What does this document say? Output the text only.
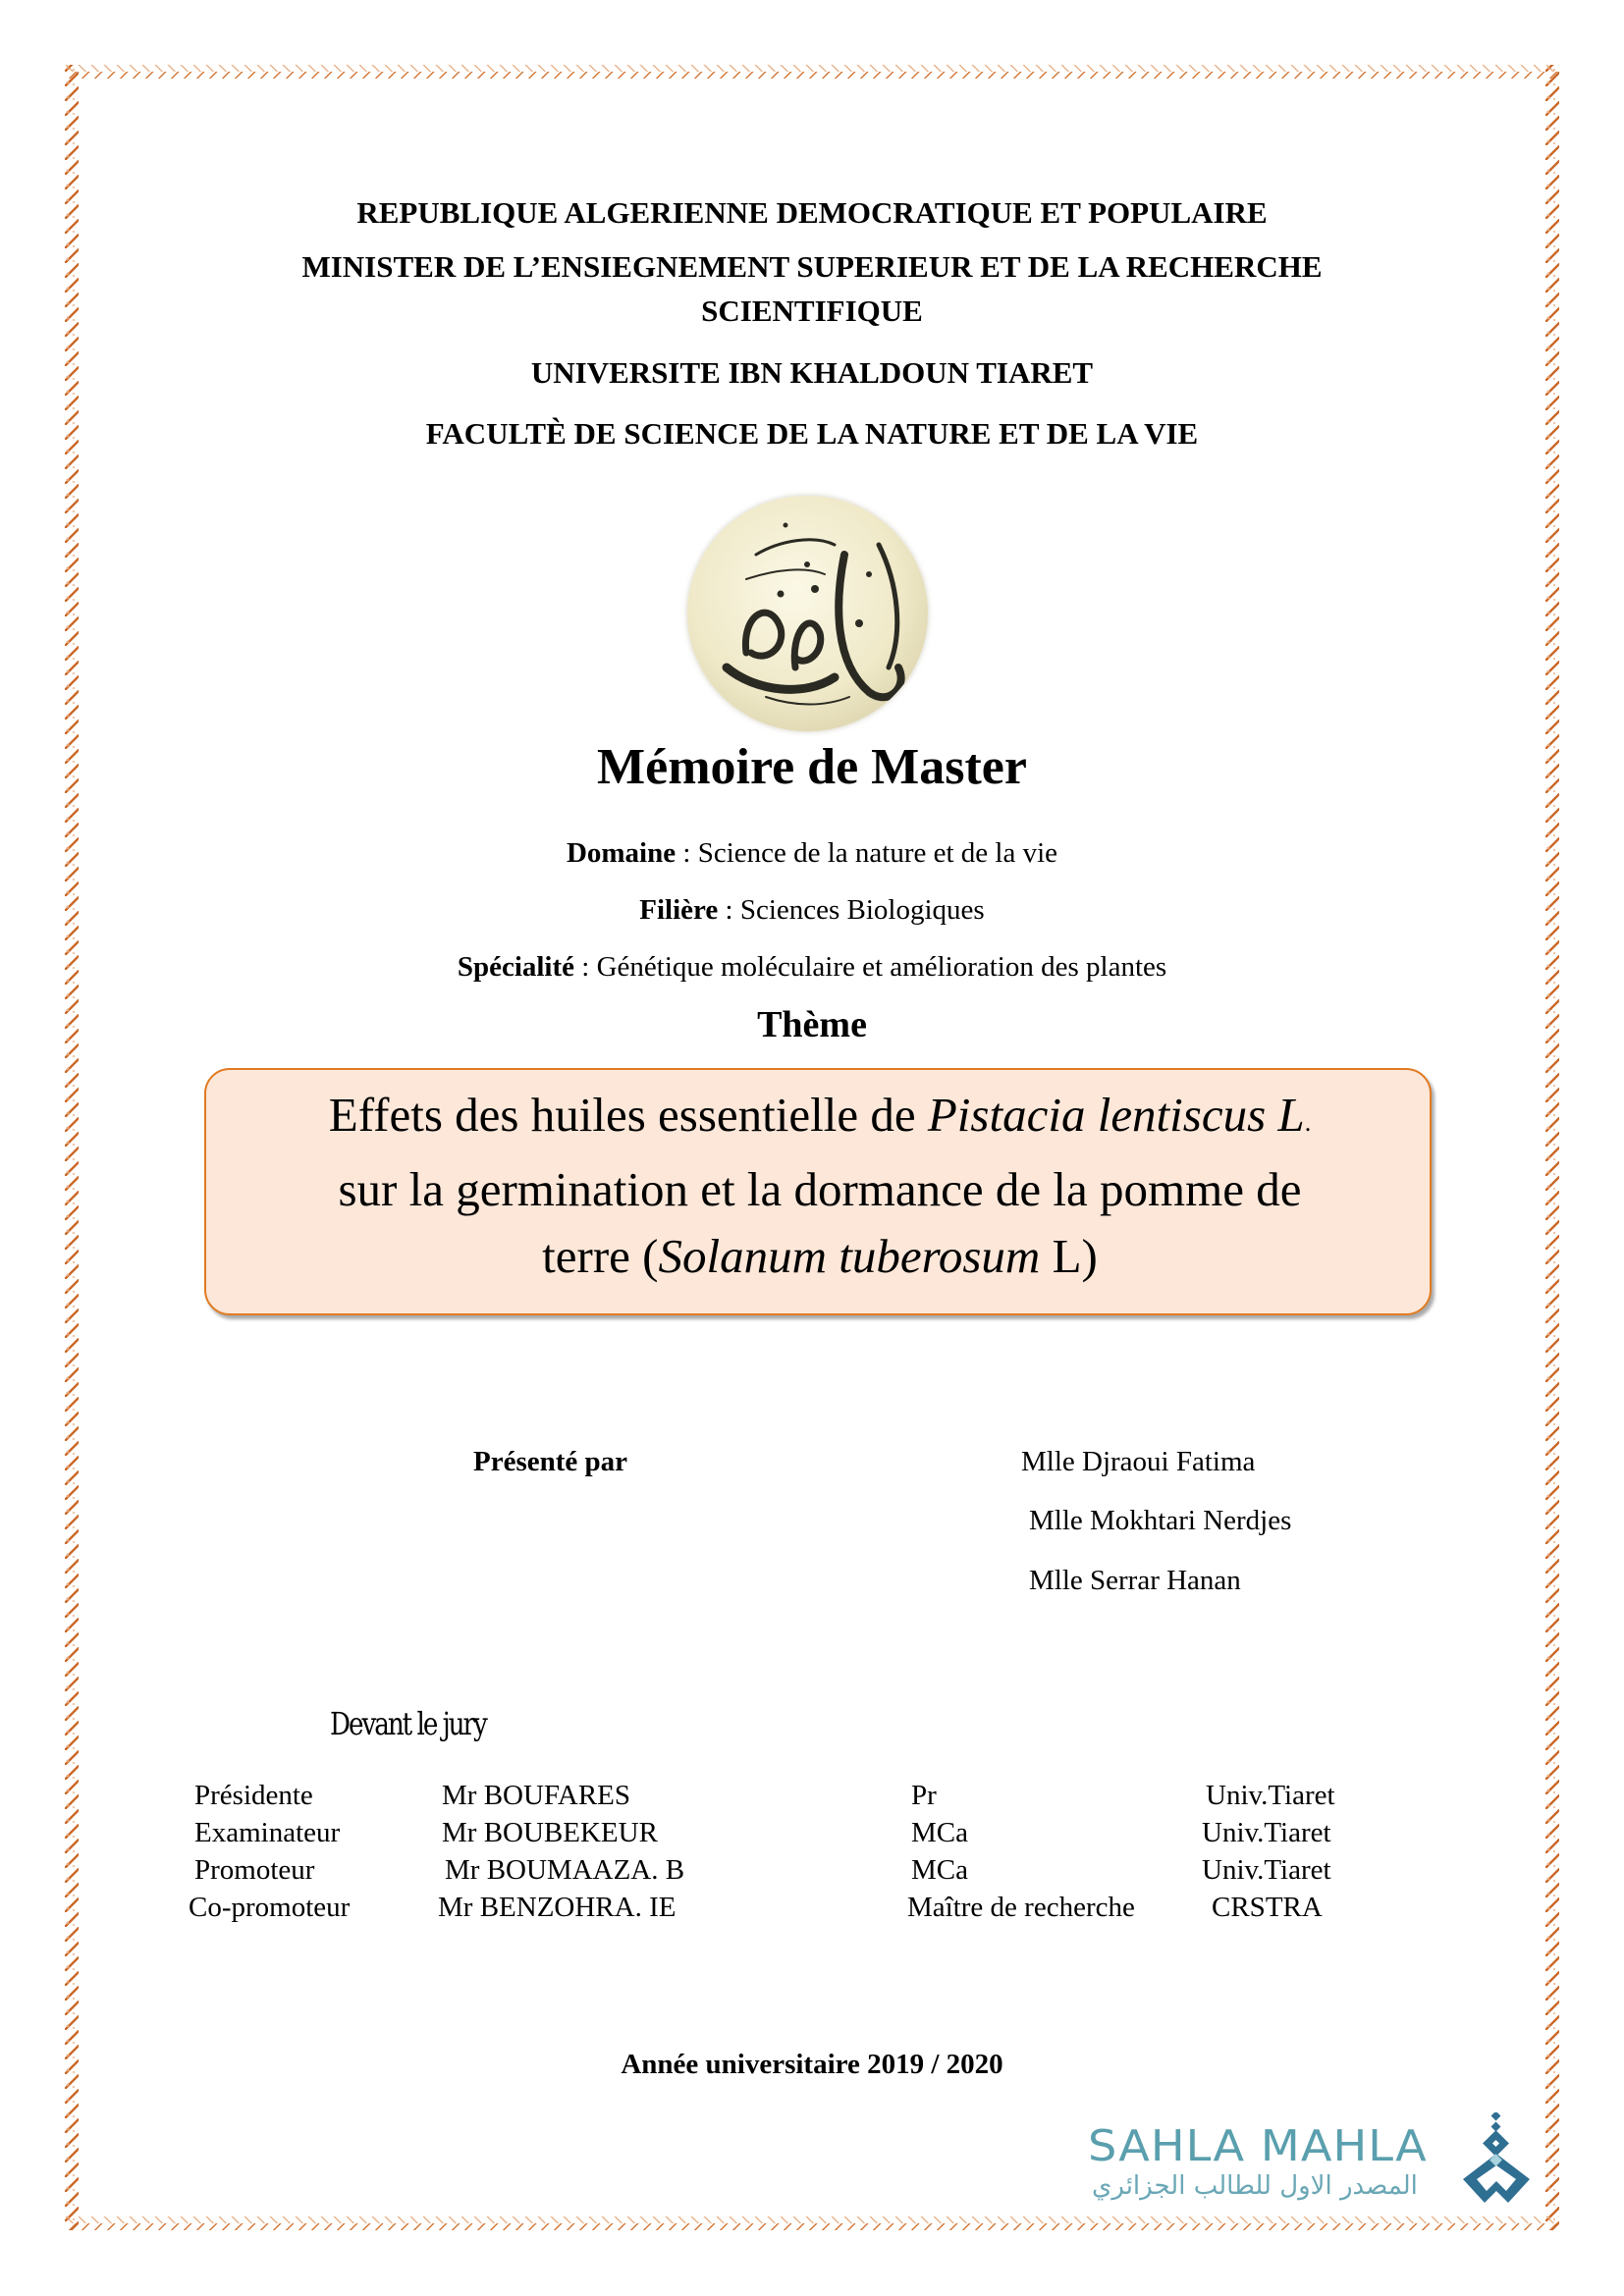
REPUBLIQUE ALGERIENNE DEMOCRATIQUE ET POPULAIRE
MINISTER DE L’ENSIEGNEMENT SUPERIEUR ET DE LA RECHERCHE
SCIENTIFIQUE
UNIVERSITE IBN KHALDOUN TIARET
FACULTÈ DE SCIENCE DE LA NATURE ET DE LA VIE
Mémoire de Master
Domaine : Science de la nature et de la vie
Filière : Sciences Biologiques
Spécialité : Génétique moléculaire et amélioration des plantes
Thème
Effets des huiles essentielle de Pistacia lentiscus L.
sur la germination et la dormance de la pomme de
terre (Solanum tuberosum L)
Présenté par	Mlle Djraoui Fatima
Mlle Mokhtari Nerdjes
Mlle Serrar Hanan
Devant le jury
Présidente	Mr BOUFARES	Pr	Univ.Tiaret
Examinateur	Mr BOUBEKEUR	MCa	Univ.Tiaret
Promoteur	Mr BOUMAAZA. B	MCa	Univ.Tiaret
Co-promoteur	Mr BENZOHRA. IE	Maître de recherche	CRSTRA
Année universitaire 2019 / 2020
SAHLA MAHLA
المصدر الاول للطالب الجزائري
